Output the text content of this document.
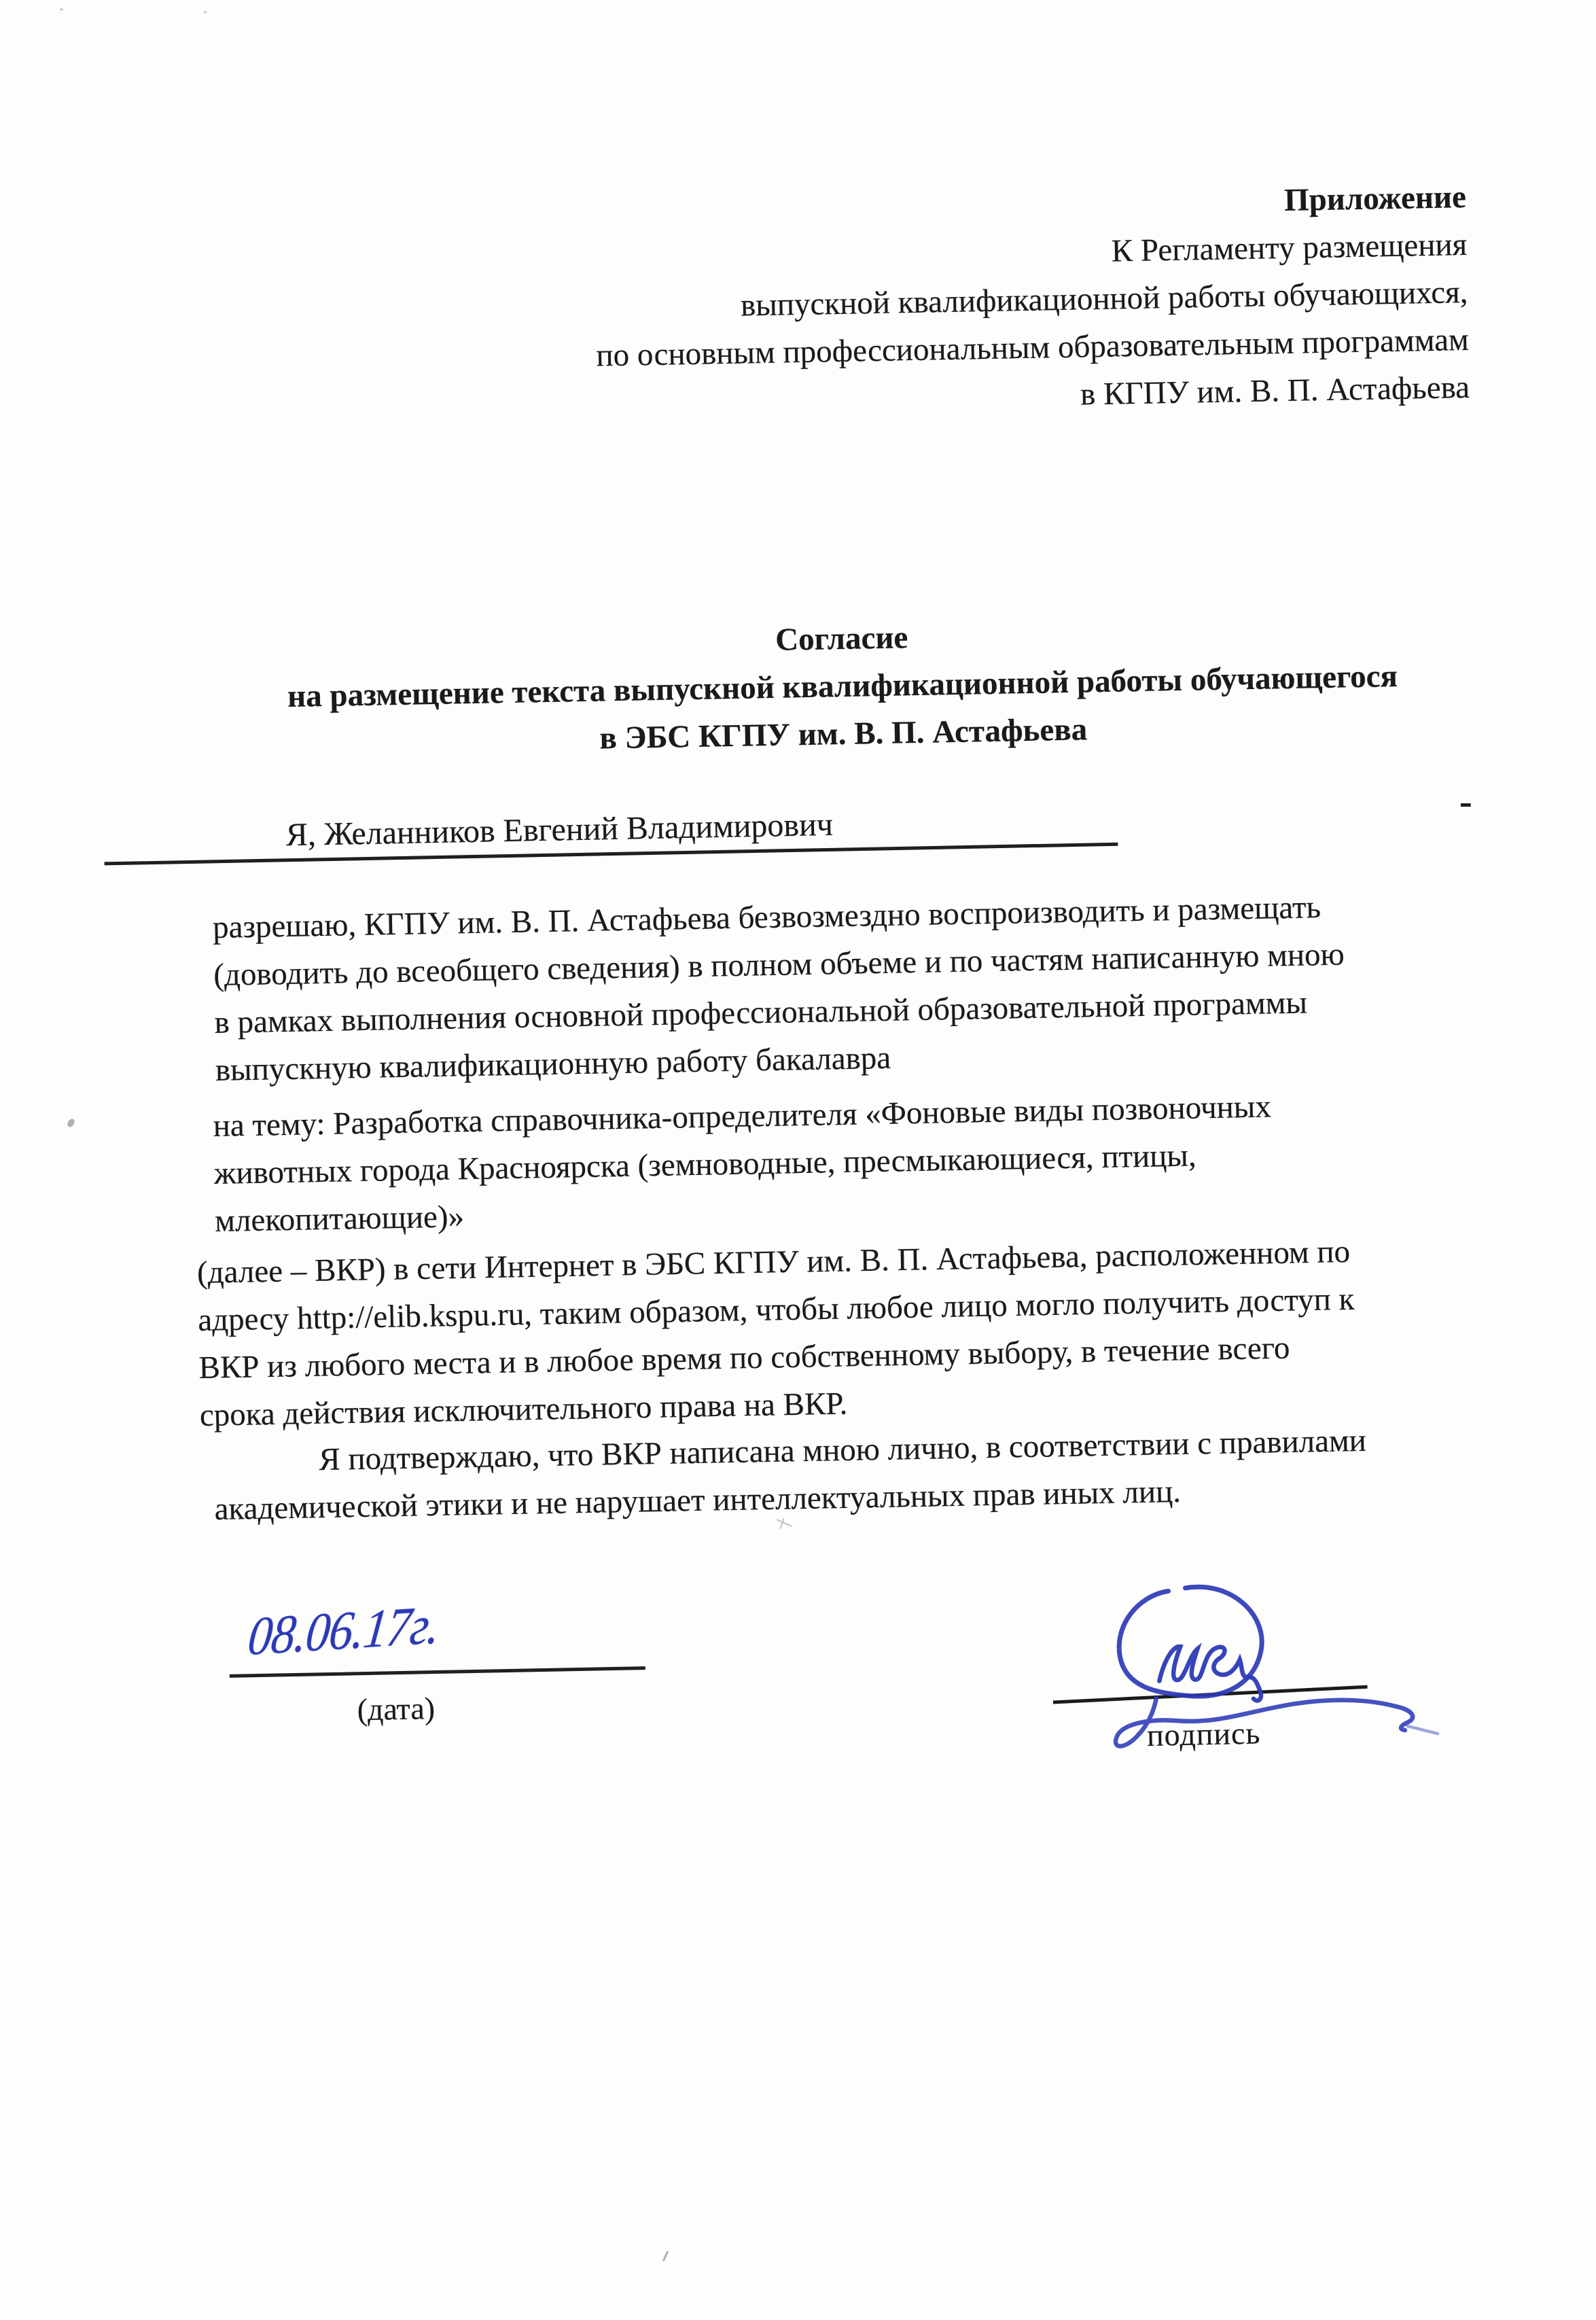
Приложение
К Регламенту размещения
выпускной квалификационной работы обучающихся,
по основным профессиональным образовательным программам
в КГПУ им. В. П. Астафьева
Согласие
на размещение текста выпускной квалификационной работы обучающегося
в ЭБС КГПУ им. В. П. Астафьева
-
Я, Желанников Евгений Владимирович
разрешаю, КГПУ им. В. П. Астафьева безвозмездно воспроизводить и размещать
(доводить до всеобщего сведения) в полном объеме и по частям написанную мною
в рамках выполнения основной профессиональной образовательной программы
выпускную квалификационную работу бакалавра
на тему: Разработка справочника-определителя «Фоновые виды позвоночных
животных города Красноярска (земноводные, пресмыкающиеся, птицы,
млекопитающие)»
(далее – ВКР) в сети Интернет в ЭБС КГПУ им. В. П. Астафьева, расположенном по
адресу http://elib.kspu.ru, таким образом, чтобы любое лицо могло получить доступ к
ВКР из любого места и в любое время по собственному выбору, в течение всего
срока действия исключительного права на ВКР.
Я подтверждаю, что ВКР написана мною лично, в соответствии с правилами
академической этики и не нарушает интеллектуальных прав иных лиц.
08.06.17г.
(дата)
подпись
